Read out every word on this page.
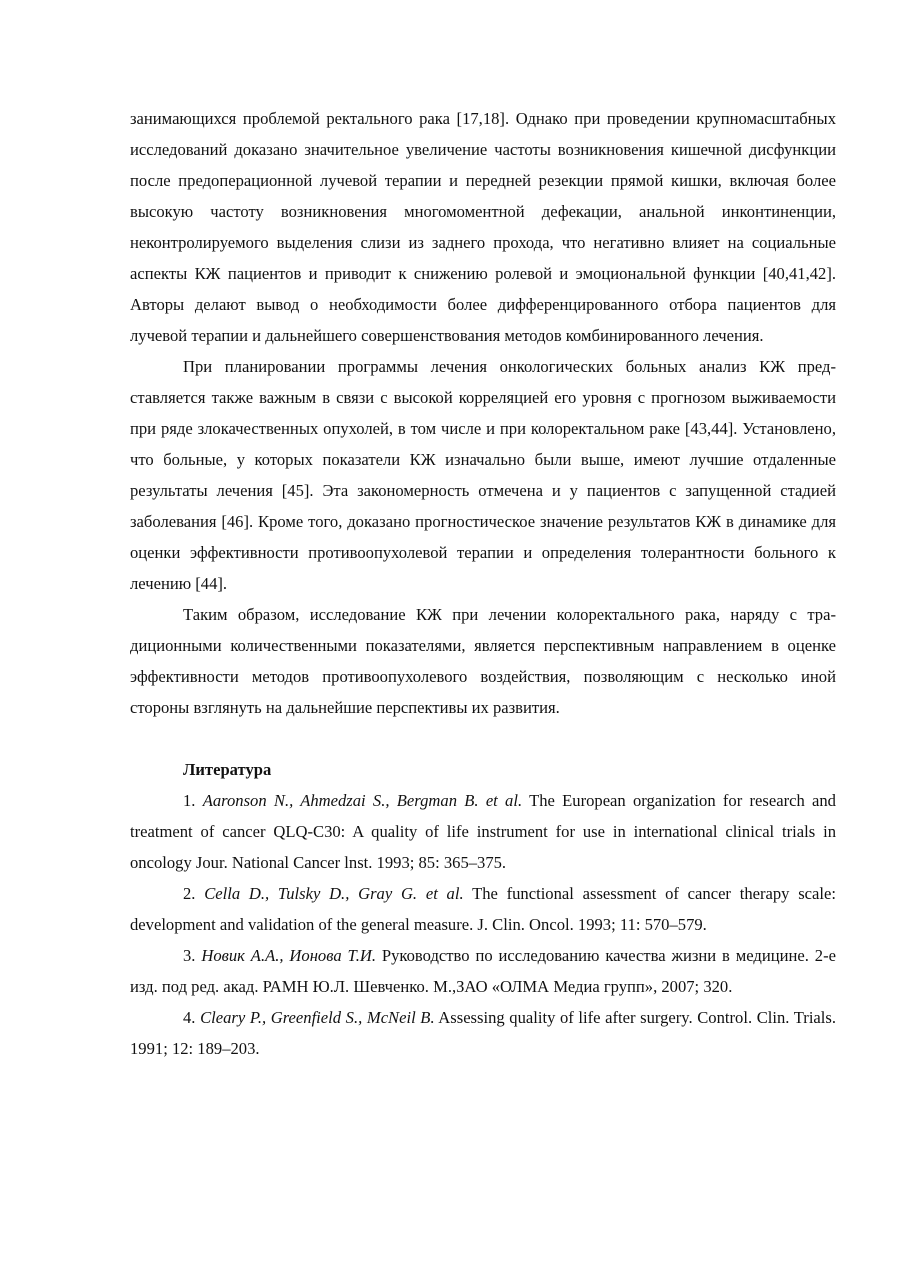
занимающихся проблемой ректального рака [17,18]. Однако при проведении крупномасштабных исследований доказано значительное увеличение частоты возникновения кишечной дисфункции после предоперационной лучевой терапии и передней резекции прямой кишки, включая более высокую частоту возникновения многомоментной дефекации, анальной инконтиненции, неконтролируемого выделения слизи из заднего прохода, что негативно влияет на социальные аспекты КЖ пациентов и приводит к снижению ролевой и эмоциональной функции [40,41,42]. Авторы делают вывод о необходимости более дифференцированного отбора пациентов для лучевой терапии и дальнейшего совершенствования методов комбинированного лечения.

При планировании программы лечения онкологических больных анализ КЖ представляется также важным в связи с высокой корреляцией его уровня с прогнозом выживаемости при ряде злокачественных опухолей, в том числе и при колоректальном раке [43,44]. Установлено, что больные, у которых показатели КЖ изначально были выше, имеют лучшие отдаленные результаты лечения [45]. Эта закономерность отмечена и у пациентов с запущенной стадией заболевания [46]. Кроме того, доказано прогностическое значение результатов КЖ в динамике для оценки эффективности противоопухолевой терапии и определения толерантности больного к лечению [44].

Таким образом, исследование КЖ при лечении колоректального рака, наряду с традиционными количественными показателями, является перспективным направлением в оценке эффективности методов противоопухолевого воздействия, позволяющим с несколько иной стороны взглянуть на дальнейшие перспективы их развития.

Литература

1. Aaronson N., Ahmedzai S., Bergman B. et al. The European organization for research and treatment of cancer QLQ-C30: A quality of life instrument for use in international clinical trials in oncology Jour. National Cancer lnst. 1993; 85: 365–375.

2. Cella D., Tulsky D., Gray G. et al. The functional assessment of cancer therapy scale: development and validation of the general measure. J. Clin. Oncol. 1993; 11: 570–579.

3. Новик А.А., Ионова Т.И. Руководство по исследованию качества жизни в медицине. 2-е изд. под ред. акад. РАМН Ю.Л. Шевченко. М.,ЗАО «ОЛМА Медиа групп», 2007; 320.

4. Cleary P., Greenfield S., McNeil B. Assessing quality of life after surgery. Control. Clin. Trials. 1991; 12: 189–203.
